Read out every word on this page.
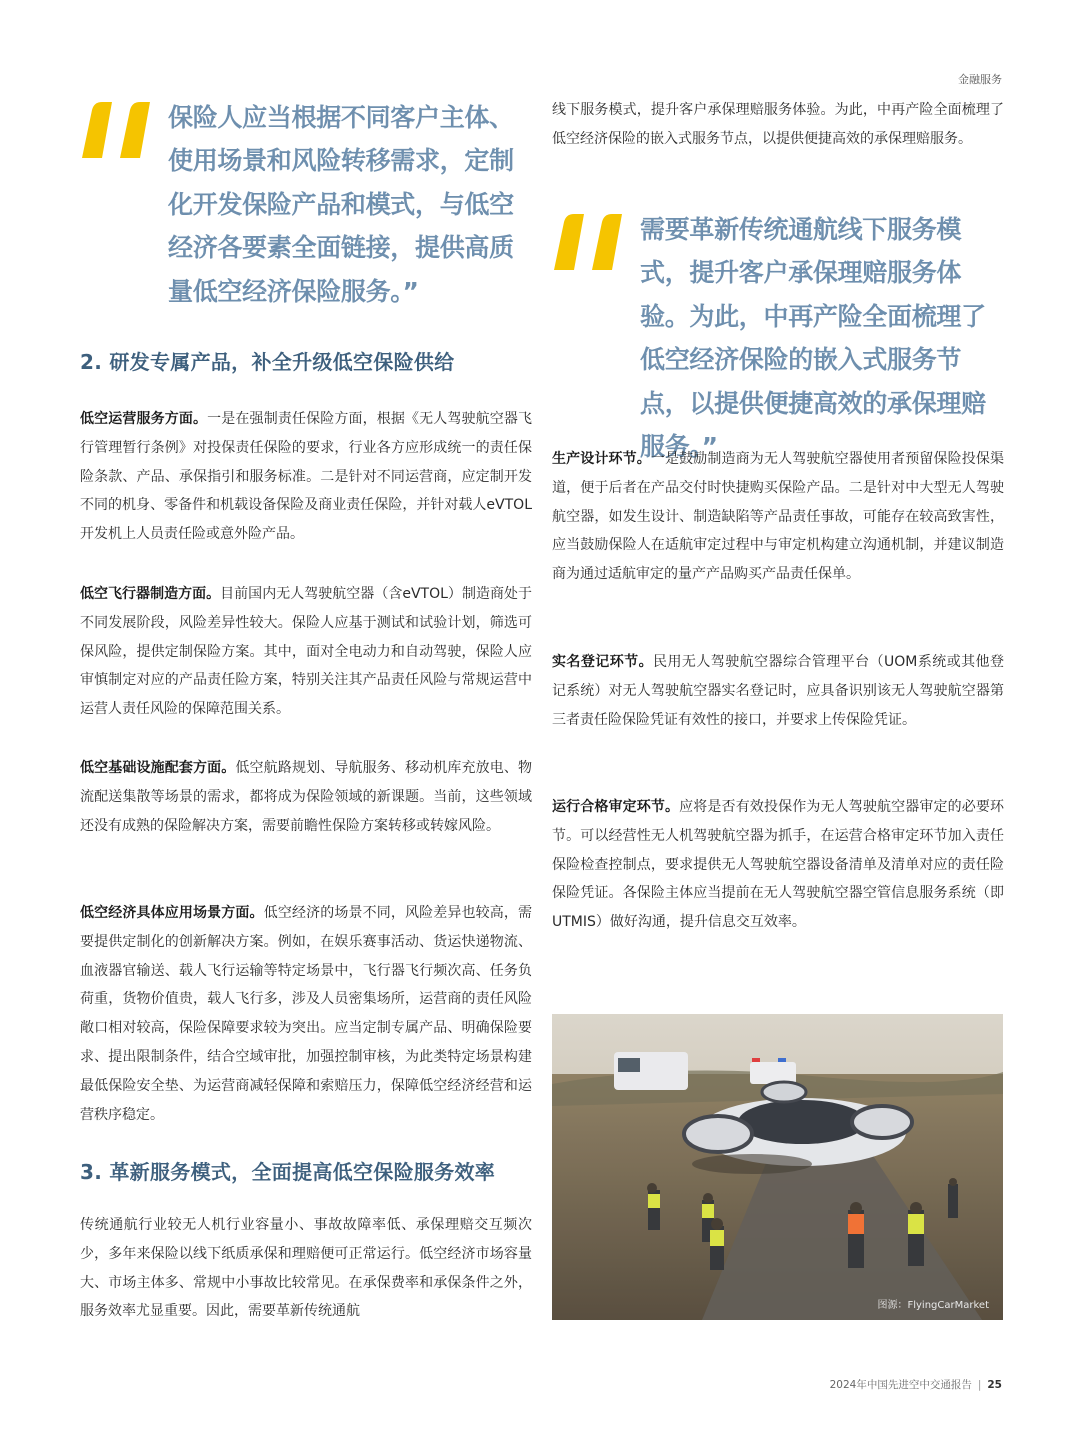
金融服务
保险人应当根据不同客户主体、使用场景和风险转移需求，定制化开发保险产品和模式，与低空经济各要素全面链接，提供高质量低空经济保险服务。”
2. 研发专属产品，补全升级低空保险供给

低空运营服务方面。一是在强制责任保险方面，根据《无人驾驶航空器飞行管理暂行条例》对投保责任保险的要求，行业各方应形成统一的责任保险条款、产品、承保指引和服务标准。二是针对不同运营商，应定制开发不同的机身、零备件和机载设备保险及商业责任保险，并针对载人eVTOL开发机上人员责任险或意外险产品。

低空飞行器制造方面。目前国内无人驾驶航空器（含eVTOL）制造商处于不同发展阶段，风险差异性较大。保险人应基于测试和试验计划，筛选可保风险，提供定制保险方案。其中，面对全电动力和自动驾驶，保险人应审慎制定对应的产品责任险方案，特别关注其产品责任风险与常规运营中运营人责任风险的保障范围关系。

低空基础设施配套方面。低空航路规划、导航服务、移动机库充放电、物流配送集散等场景的需求，都将成为保险领域的新课题。当前，这些领域还没有成熟的保险解决方案，需要前瞻性保险方案转移或转嫁风险。

低空经济具体应用场景方面。低空经济的场景不同，风险差异也较高，需要提供定制化的创新解决方案。例如，在娱乐赛事活动、货运快递物流、血液器官输送、载人飞行运输等特定场景中，飞行器飞行频次高、任务负荷重，货物价值贵，载人飞行多，涉及人员密集场所，运营商的责任风险敞口相对较高，保险保障要求较为突出。应当定制专属产品、明确保险要求、提出限制条件，结合空域审批，加强控制审核，为此类特定场景构建最低保险安全垫、为运营商减轻保障和索赔压力，保障低空经济经营和运营秩序稳定。

3. 革新服务模式，全面提高低空保险服务效率

传统通航行业较无人机行业容量小、事故故障率低、承保理赔交互频次少，多年来保险以线下纸质承保和理赔便可正常运行。低空经济市场容量大、市场主体多、常规中小事故比较常见。在承保费率和承保条件之外，服务效率尤显重要。因此，需要革新传统通航

线下服务模式，提升客户承保理赔服务体验。为此，中再产险全面梳理了低空经济保险的嵌入式服务节点，以提供便捷高效的承保理赔服务。

需要革新传统通航线下服务模式，提升客户承保理赔服务体验。为此，中再产险全面梳理了低空经济保险的嵌入式服务节点，以提供便捷高效的承保理赔服务。”

生产设计环节。一是鼓励制造商为无人驾驶航空器使用者预留保险投保渠道，便于后者在产品交付时快捷购买保险产品。二是针对中大型无人驾驶航空器，如发生设计、制造缺陷等产品责任事故，可能存在较高致害性，应当鼓励保险人在适航审定过程中与审定机构建立沟通机制，并建议制造商为通过适航审定的量产产品购买产品责任保单。

实名登记环节。民用无人驾驶航空器综合管理平台（UOM系统或其他登记系统）对无人驾驶航空器实名登记时，应具备识别该无人驾驶航空器第三者责任险保险凭证有效性的接口，并要求上传保险凭证。

运行合格审定环节。应将是否有效投保作为无人驾驶航空器审定的必要环节。可以经营性无人机驾驶航空器为抓手，在运营合格审定环节加入责任保险检查控制点，要求提供无人驾驶航空器设备清单及清单对应的责任险保险凭证。各保险主体应当提前在无人驾驶航空器空管信息服务系统（即UTMIS）做好沟通，提升信息交互效率。

图源：FlyingCarMarket
2024年中国先进空中交通报告 | 25
